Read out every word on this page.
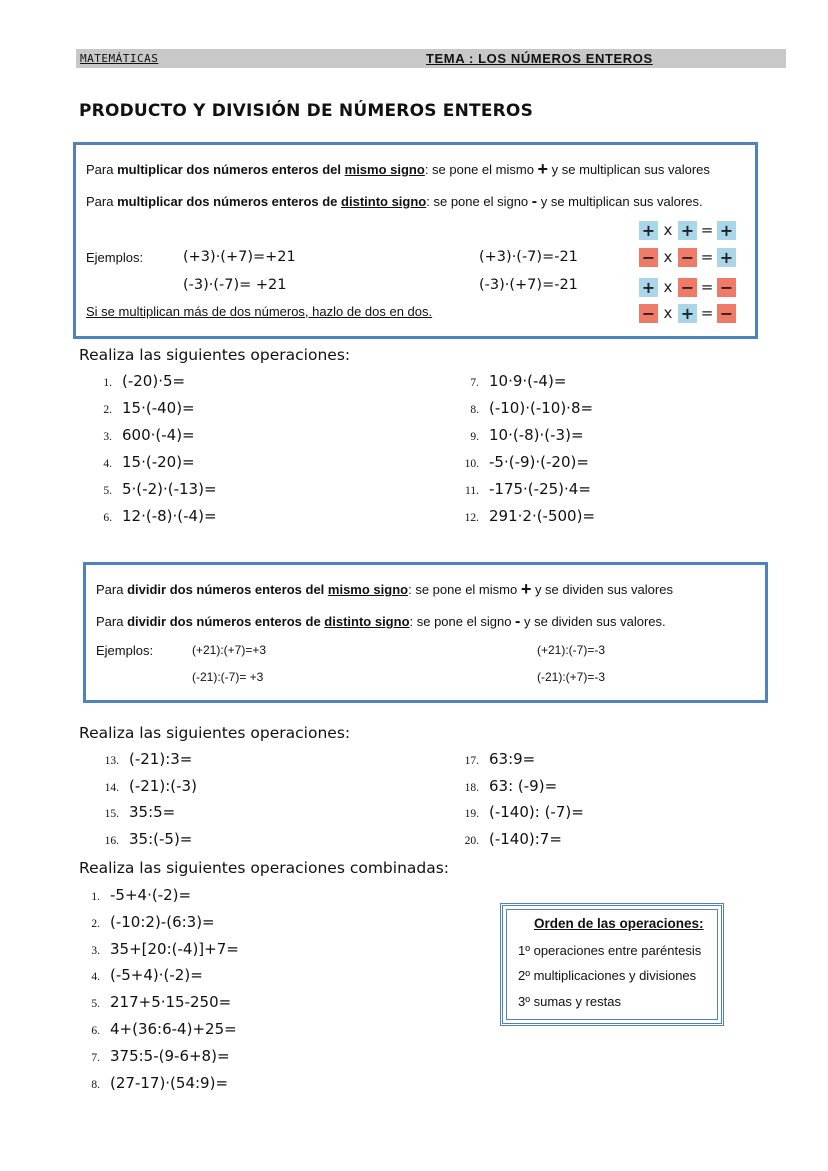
MATEMÁTICAS	TEMA : LOS NÚMEROS ENTEROS
PRODUCTO Y DIVISIÓN DE NÚMEROS ENTEROS
Para multiplicar dos números enteros del mismo signo: se pone el mismo + y se multiplican sus valores
Para multiplicar dos números enteros de distinto signo: se pone el signo - y se multiplican sus valores.
Ejemplos:	(+3)·(+7)=+21	(+3)·(-7)=-21
(-3)·(-7)= +21	(-3)·(+7)=-21
Si se multiplican más de dos números, hazlo de dos en dos.
+ x + = +
− x − = +
+ x − = −
− x + = −
Realiza las siguientes operaciones:
1. (-20)·5=
2. 15·(-40)=
3. 600·(-4)=
4. 15·(-20)=
5. 5·(-2)·(-13)=
6. 12·(-8)·(-4)=
7. 10·9·(-4)=
8. (-10)·(-10)·8=
9. 10·(-8)·(-3)=
10. -5·(-9)·(-20)=
11. -175·(-25)·4=
12. 291·2·(-500)=
Para dividir dos números enteros del mismo signo: se pone el mismo + y se dividen sus valores
Para dividir dos números enteros de distinto signo: se pone el signo - y se dividen sus valores.
Ejemplos:	(+21):(+7)=+3	(+21):(-7)=-3
(-21):(-7)= +3	(-21):(+7)=-3
Realiza las siguientes operaciones:
13. (-21):3=
14. (-21):(-3)
15. 35:5=
16. 35:(-5)=
17. 63:9=
18. 63: (-9)=
19. (-140): (-7)=
20. (-140):7=
Realiza las siguientes operaciones combinadas:
1. -5+4·(-2)=
2. (-10:2)-(6:3)=
3. 35+[20:(-4)]+7=
4. (-5+4)·(-2)=
5. 217+5·15-250=
6. 4+(36:6-4)+25=
7. 375:5-(9-6+8)=
8. (27-17)·(54:9)=
Orden de las operaciones:
1º operaciones entre paréntesis
2º multiplicaciones y divisiones
3º sumas y restas
